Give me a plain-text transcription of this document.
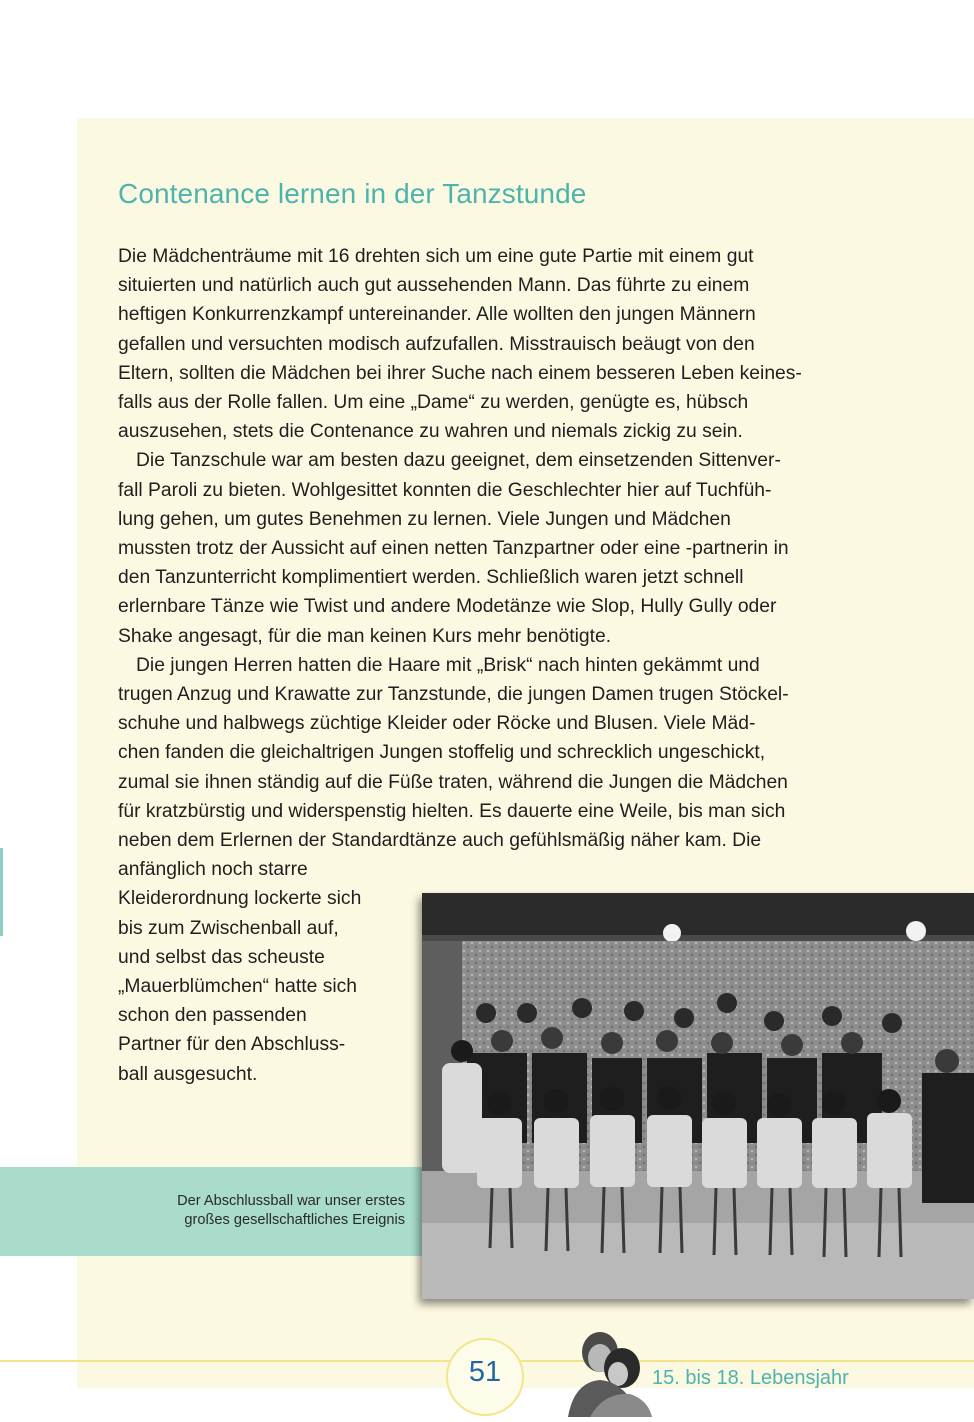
Contenance lernen in der Tanzstunde
Die Mädchenträume mit 16 drehten sich um eine gute Partie mit einem gut
situierten und natürlich auch gut aussehenden Mann. Das führte zu einem
heftigen Konkurrenzkampf untereinander. Alle wollten den jungen Männern
gefallen und versuchten modisch aufzufallen. Misstrauisch beäugt von den
Eltern, sollten die Mädchen bei ihrer Suche nach einem besseren Leben keines-
falls aus der Rolle fallen. Um eine „Dame“ zu werden, genügte es, hübsch
auszusehen, stets die Contenance zu wahren und niemals zickig zu sein.
Die Tanzschule war am besten dazu geeignet, dem einsetzenden Sittenver-
fall Paroli zu bieten. Wohlgesittet konnten die Geschlechter hier auf Tuchfüh-
lung gehen, um gutes Benehmen zu lernen. Viele Jungen und Mädchen
mussten trotz der Aussicht auf einen netten Tanzpartner oder eine -partnerin in
den Tanzunterricht komplimentiert werden. Schließlich waren jetzt schnell
erlernbare Tänze wie Twist und andere Modetänze wie Slop, Hully Gully oder
Shake angesagt, für die man keinen Kurs mehr benötigte.
Die jungen Herren hatten die Haare mit „Brisk“ nach hinten gekämmt und
trugen Anzug und Krawatte zur Tanzstunde, die jungen Damen trugen Stöckel-
schuhe und halbwegs züchtige Kleider oder Röcke und Blusen. Viele Mäd-
chen fanden die gleichaltrigen Jungen stoffelig und schrecklich ungeschickt,
zumal sie ihnen ständig auf die Füße traten, während die Jungen die Mädchen
für kratzbürstig und widerspenstig hielten. Es dauerte eine Weile, bis man sich
neben dem Erlernen der Standardtänze auch gefühlsmäßig näher kam. Die
anfänglich noch starre
Kleiderordnung lockerte sich
bis zum Zwischenball auf,
und selbst das scheuste
„Mauerblümchen“ hatte sich
schon den passenden
Partner für den Abschluss-
ball ausgesucht.
Der Abschlussball war unser erstes
großes gesellschaftliches Ereignis
51	15. bis 18. Lebensjahr
